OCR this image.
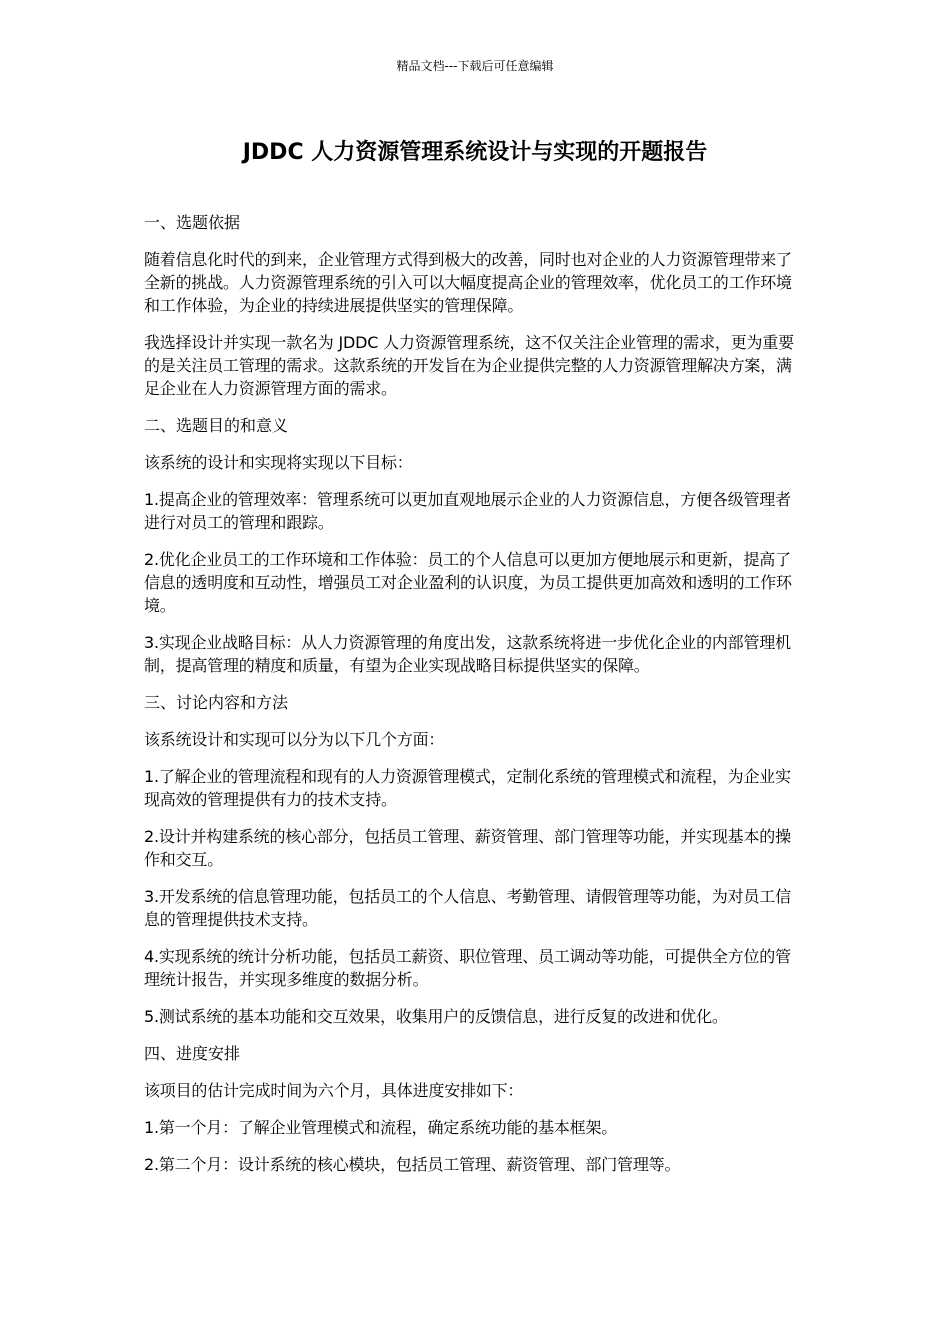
精品文档---下载后可任意编辑
JDDC 人力资源管理系统设计与实现的开题报告

一、选题依据

随着信息化时代的到来，企业管理方式得到极大的改善，同时也对企业的人力资源管理带来了全新的挑战。人力资源管理系统的引入可以大幅度提高企业的管理效率，优化员工的工作环境和工作体验，为企业的持续进展提供坚实的管理保障。

我选择设计并实现一款名为 JDDC 人力资源管理系统，这不仅关注企业管理的需求，更为重要的是关注员工管理的需求。这款系统的开发旨在为企业提供完整的人力资源管理解决方案，满足企业在人力资源管理方面的需求。

二、选题目的和意义

该系统的设计和实现将实现以下目标：

1.提高企业的管理效率：管理系统可以更加直观地展示企业的人力资源信息，方便各级管理者进行对员工的管理和跟踪。

2.优化企业员工的工作环境和工作体验：员工的个人信息可以更加方便地展示和更新，提高了信息的透明度和互动性，增强员工对企业盈利的认识度，为员工提供更加高效和透明的工作环境。

3.实现企业战略目标：从人力资源管理的角度出发，这款系统将进一步优化企业的内部管理机制，提高管理的精度和质量，有望为企业实现战略目标提供坚实的保障。

三、讨论内容和方法

该系统设计和实现可以分为以下几个方面：

1.了解企业的管理流程和现有的人力资源管理模式，定制化系统的管理模式和流程，为企业实现高效的管理提供有力的技术支持。

2.设计并构建系统的核心部分，包括员工管理、薪资管理、部门管理等功能，并实现基本的操作和交互。

3.开发系统的信息管理功能，包括员工的个人信息、考勤管理、请假管理等功能，为对员工信息的管理提供技术支持。

4.实现系统的统计分析功能，包括员工薪资、职位管理、员工调动等功能，可提供全方位的管理统计报告，并实现多维度的数据分析。

5.测试系统的基本功能和交互效果，收集用户的反馈信息，进行反复的改进和优化。

四、进度安排

该项目的估计完成时间为六个月，具体进度安排如下：

1.第一个月：了解企业管理模式和流程，确定系统功能的基本框架。

2.第二个月：设计系统的核心模块，包括员工管理、薪资管理、部门管理等。
